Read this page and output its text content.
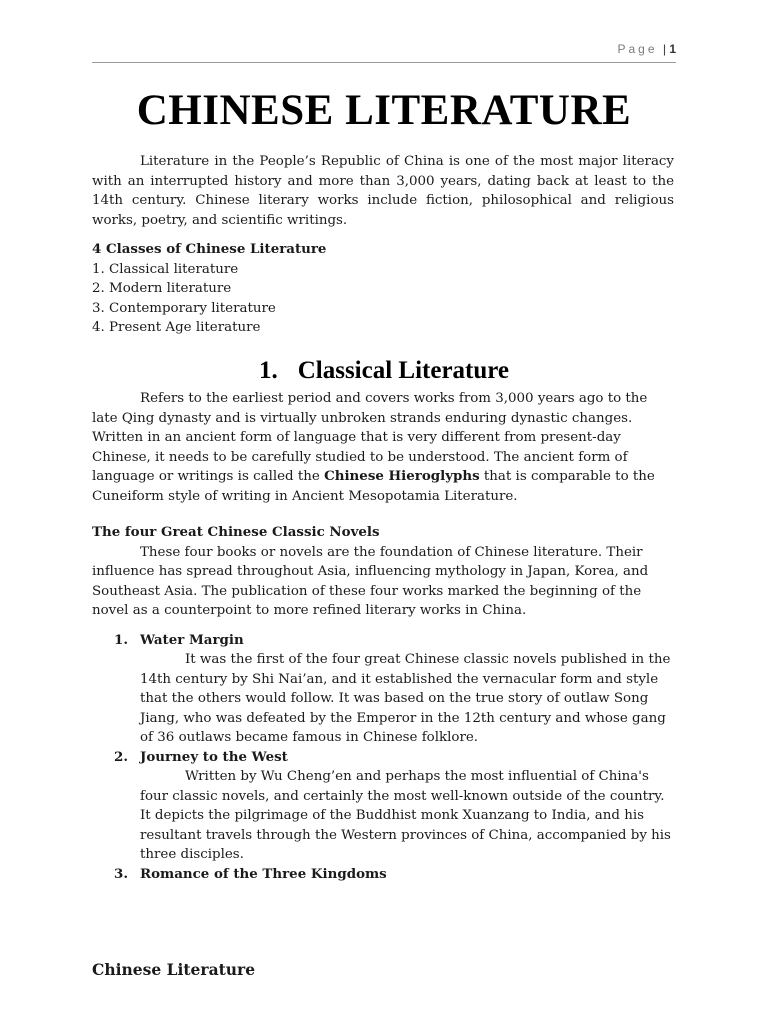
Page | 1
CHINESE LITERATURE

Literature in the People’s Republic of China is one of the most major literacy with an interrupted history and more than 3,000 years, dating back at least to the 14th century. Chinese literary works include fiction, philosophical and religious works, poetry, and scientific writings.

4 Classes of Chinese Literature

1. Classical literature
2. Modern literature
3. Contemporary literature
4. Present Age literature
1. Classical Literature

Refers to the earliest period and covers works from 3,000 years ago to the late Qing dynasty and is virtually unbroken strands enduring dynastic changes. Written in an ancient form of language that is very different from present-day Chinese, it needs to be carefully studied to be understood. The ancient form of language or writings is called the Chinese Hieroglyphs that is comparable to the Cuneiform style of writing in Ancient Mesopotamia Literature.

The four Great Chinese Classic Novels

These four books or novels are the foundation of Chinese literature. Their influence has spread throughout Asia, influencing mythology in Japan, Korea, and Southeast Asia. The publication of these four works marked the beginning of the novel as a counterpoint to more refined literary works in China.

1. Water Margin

It was the first of the four great Chinese classic novels published in the 14th century by Shi Nai’an, and it established the vernacular form and style that the others would follow. It was based on the true story of outlaw Song Jiang, who was defeated by the Emperor in the 12th century and whose gang of 36 outlaws became famous in Chinese folklore.

2. Journey to the West

Written by Wu Cheng’en and perhaps the most influential of China's four classic novels, and certainly the most well-known outside of the country. It depicts the pilgrimage of the Buddhist monk Xuanzang to India, and his resultant travels through the Western provinces of China, accompanied by his three disciples.

3. Romance of the Three Kingdoms

Chinese Literature
